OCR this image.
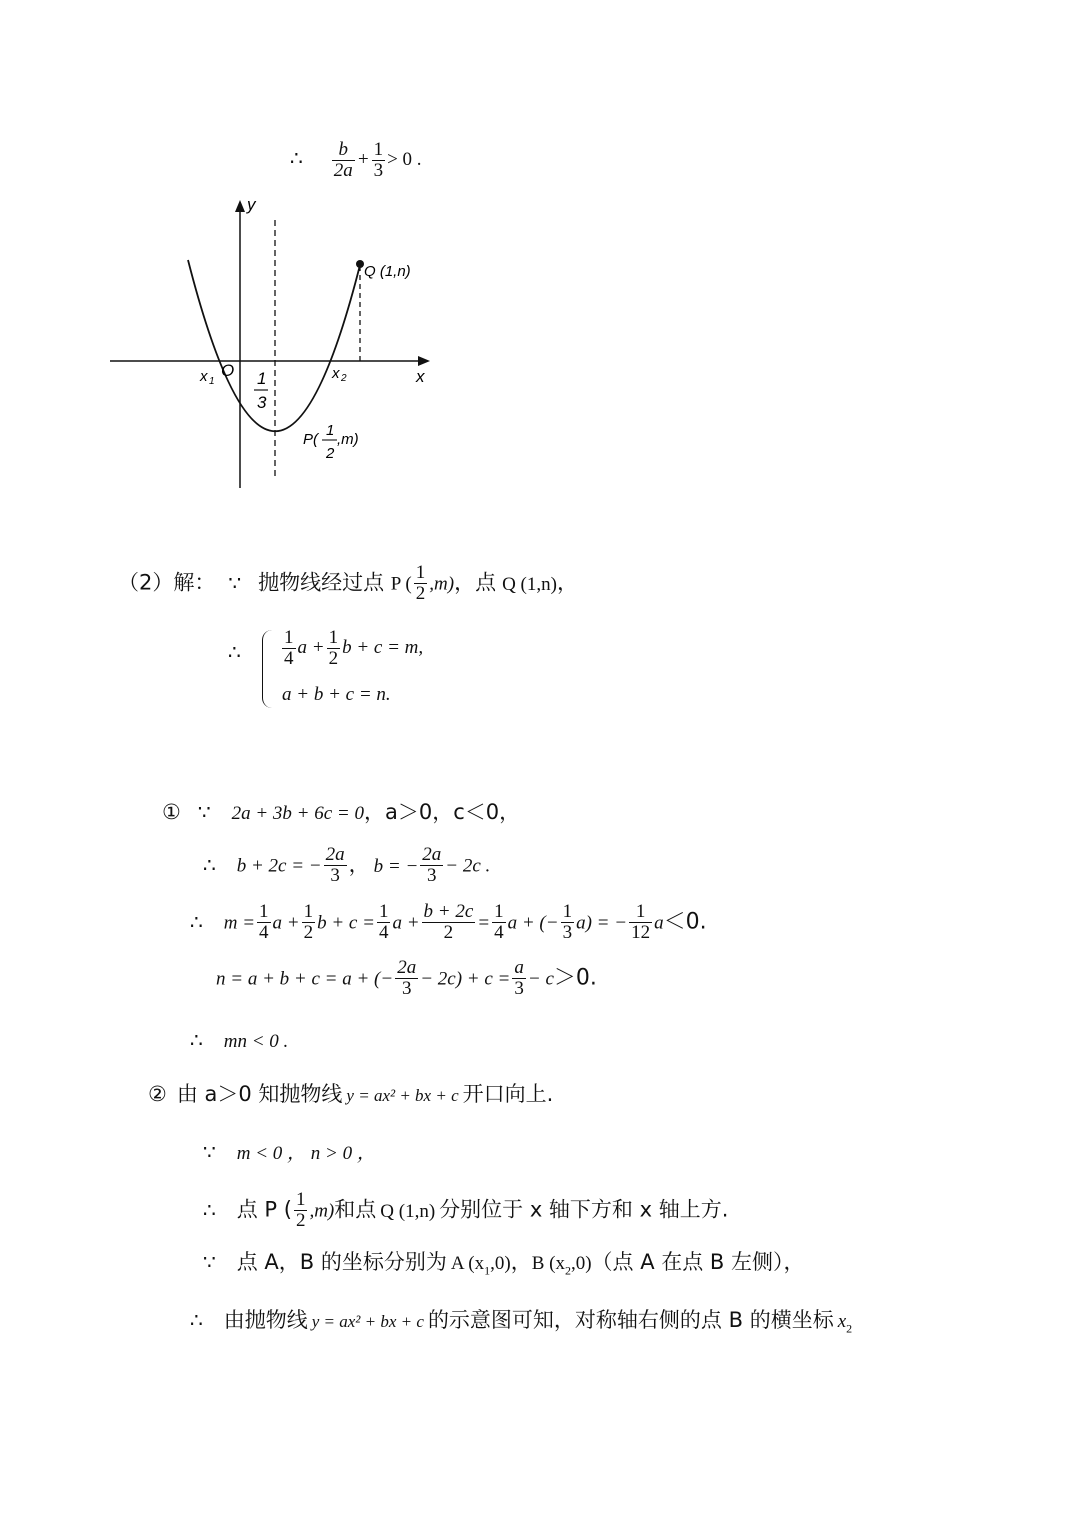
∴ $\frac{b}{2a} + \frac{1}{3} > 0$ .
y
x
O
x 1	x 2
1
3
Q (1,n)
P(
1
2
,m)
（2）解： ∵ 抛物线经过点 P ( $\frac{1}{2} ,m$)，点 Q (1,n)，
∴ $\frac{1}{4}$ $a + \frac{1}{2}$ b + c = m,
a + b + c = n.
① ∵ 2a + 3b + 6c = 0，a＞0，c＜0，
∴ b + 2c = − $\frac{2a}{3}$ ， b = − $\frac{2a}{3} - 2c$ .
∴ $m = \frac{1}{4}$ $a + \frac{1}{2}$ $b + c = \frac{1}{4}$ $a + \frac{b + 2c}{2} = \frac{1}{4}$ a + (− $\frac{1}{3} a$) = − $\frac{1}{12} a<0$.
n = a + b + c = a + (− $\frac{2a}{3} - 2c) + c = \frac{a}{3} - c>0$.
∴ mn < 0 .
② 由 a＞0 知抛物线 y = ax² + bx + c 开口向上.
∵ m < 0 ， n > 0 ，
∴ 点 P ( $\frac{1}{2} ,m$)和点 Q (1,n) 分别位于 x 轴下方和 x 轴上方.
∵ 点 A，B 的坐标分别为 A $(x_1,0)$，B $(x_2,0)$（点 A 在点 B 左侧），
∴ 由抛物线 y = ax² + bx + c 的示意图可知，对称轴右侧的点 B 的横坐标 $x_2$
